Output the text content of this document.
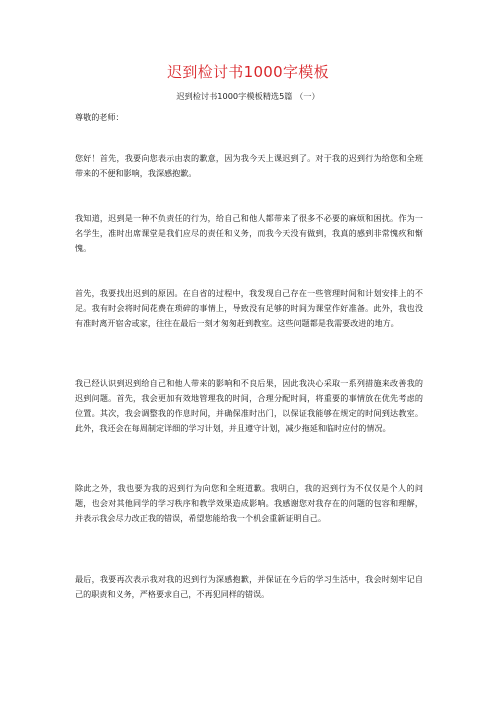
迟到检讨书1000字模板
迟到检讨书1000字模板精选5篇 （一）
尊敬的老师：
您好！首先，我要向您表示由衷的歉意，因为我今天上课迟到了。对于我的迟到行为给您和全班带来的不便和影响，我深感抱歉。
我知道，迟到是一种不负责任的行为，给自己和他人都带来了很多不必要的麻烦和困扰。作为一名学生，准时出席课堂是我们应尽的责任和义务，而我今天没有做到，我真的感到非常愧疚和惭愧。
首先，我要找出迟到的原因。在自省的过程中，我发现自己存在一些管理时间和计划安排上的不足。我有时会将时间花费在琐碎的事情上，导致没有足够的时间为课堂作好准备。此外，我也没有准时离开宿舍或家，往往在最后一刻才匆匆赶到教室。这些问题都是我需要改进的地方。
我已经认识到迟到给自己和他人带来的影响和不良后果，因此我决心采取一系列措施来改善我的迟到问题。首先，我会更加有效地管理我的时间，合理分配时间，将重要的事情放在优先考虑的位置。其次，我会调整我的作息时间，并确保准时出门，以保证我能够在规定的时间到达教室。此外，我还会在每周制定详细的学习计划，并且遵守计划，减少拖延和临时应付的情况。
除此之外，我也要为我的迟到行为向您和全班道歉。我明白，我的迟到行为不仅仅是个人的问题，也会对其他同学的学习秩序和教学效果造成影响。我感谢您对我存在的问题的包容和理解，并表示我会尽力改正我的错误，希望您能给我一个机会重新证明自己。
最后，我要再次表示我对我的迟到行为深感抱歉，并保证在今后的学习生活中，我会时刻牢记自己的职责和义务，严格要求自己，不再犯同样的错误。
